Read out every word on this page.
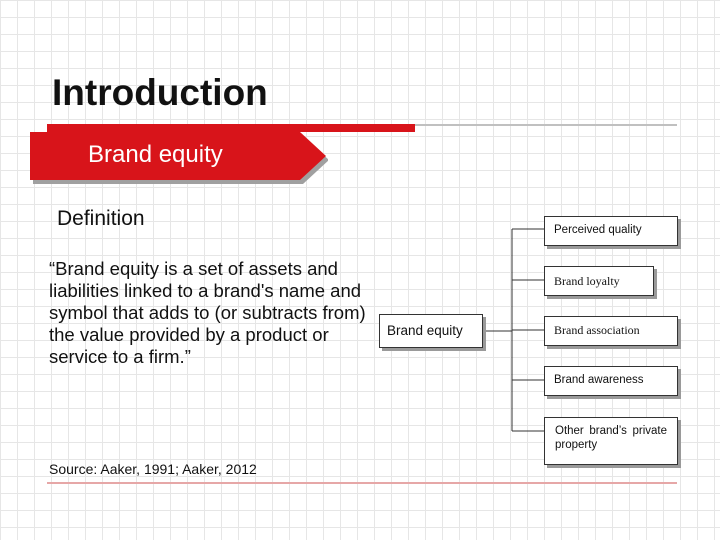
Introduction
Brand equity
Definition
“Brand equity is a set of assets and liabilities linked to a brand's name and symbol that adds to (or subtracts from) the value provided by a product or service to a firm.”
Source: Aaker, 1991; Aaker, 2012
Brand equity
Perceived quality
Brand loyalty
Brand association
Brand awareness
Other brand’s private property
